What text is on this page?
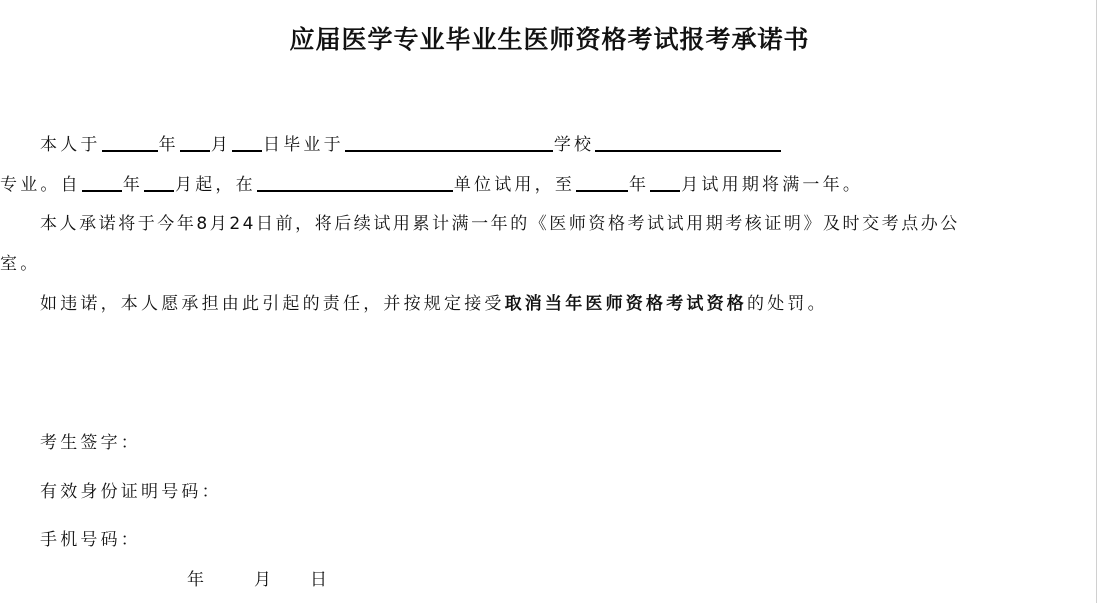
应届医学专业毕业生医师资格考试报考承诺书
本人于	年 月 日毕业于	学校
专业。自 年 月起，在	单位试用，至	年 月试用期将满一年。
本人承诺将于今年8月24日前，将后续试用累计满一年的《医师资格考试试用期考核证明》及时交考点办公
室。
如违诺，本人愿承担由此引起的责任，并按规定接受取消当年医师资格考试资格的处罚。
考生签字：
有效身份证明号码：
手机号码：
年	月 日
